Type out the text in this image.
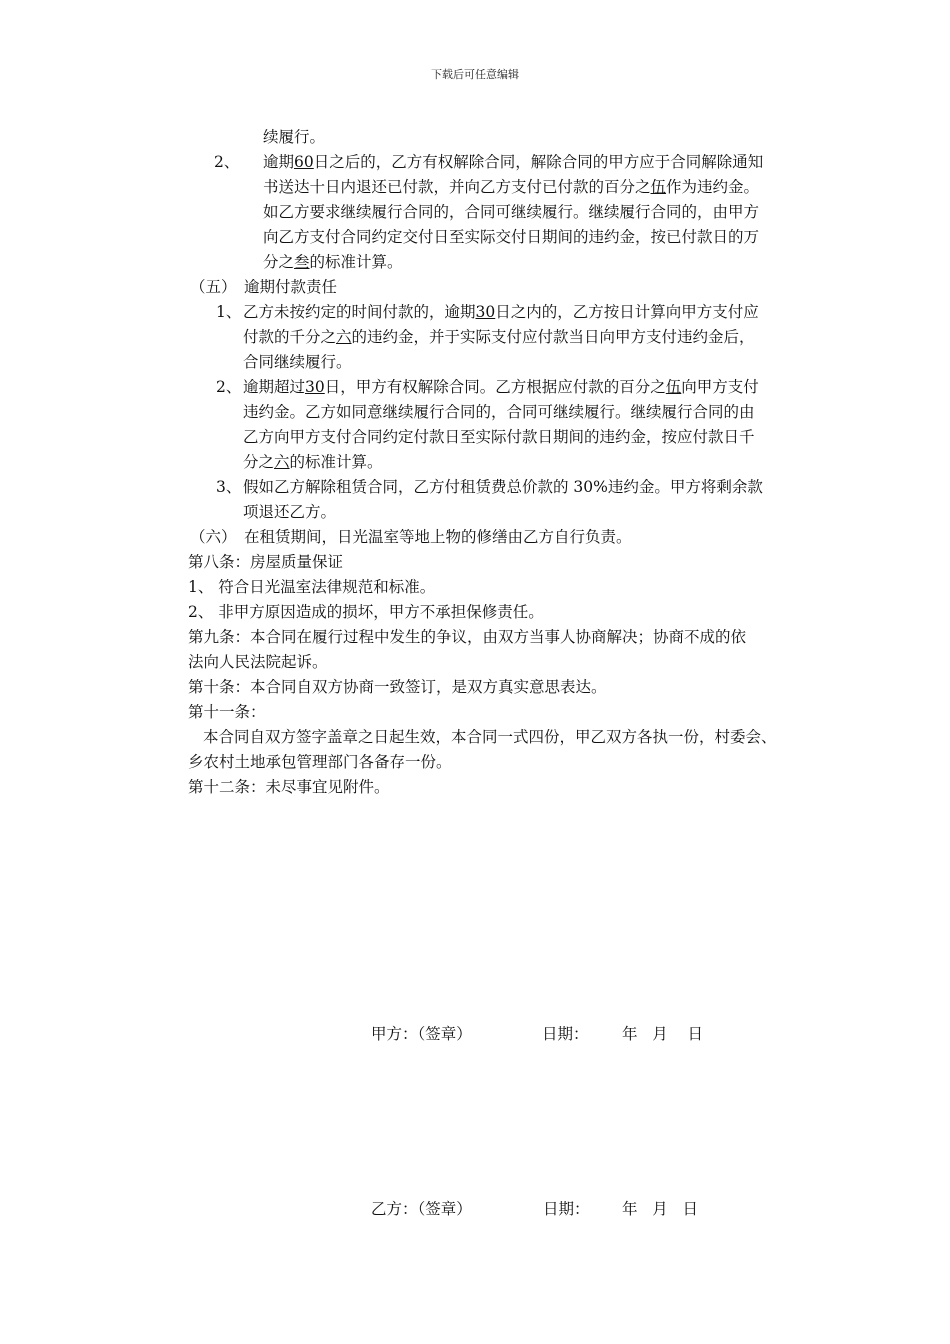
下载后可任意编辑
续履行。
2、 逾期60日之后的，乙方有权解除合同，解除合同的甲方应于合同解除通知
书送达十日内退还已付款，并向乙方支付已付款的百分之伍作为违约金。
如乙方要求继续履行合同的，合同可继续履行。继续履行合同的，由甲方
向乙方支付合同约定交付日至实际交付日期间的违约金，按已付款日的万
分之叁的标准计算。
（五） 逾期付款责任
1、 乙方未按约定的时间付款的，逾期30日之内的，乙方按日计算向甲方支付应
付款的千分之六的违约金，并于实际支付应付款当日向甲方支付违约金后，
合同继续履行。
2、 逾期超过30日，甲方有权解除合同。乙方根据应付款的百分之伍向甲方支付
违约金。乙方如同意继续履行合同的，合同可继续履行。继续履行合同的由
乙方向甲方支付合同约定付款日至实际付款日期间的违约金，按应付款日千
分之六的标准计算。
3、 假如乙方解除租赁合同，乙方付租赁费总价款的 30%违约金。甲方将剩余款
项退还乙方。
（六） 在租赁期间，日光温室等地上物的修缮由乙方自行负责。
第八条：房屋质量保证
1、 符合日光温室法律规范和标准。
2、 非甲方原因造成的损坏，甲方不承担保修责任。
第九条：本合同在履行过程中发生的争议，由双方当事人协商解决；协商不成的依
法向人民法院起诉。
第十条：本合同自双方协商一致签订，是双方真实意思表达。
第十一条：
本合同自双方签字盖章之日起生效，本合同一式四份，甲乙双方各执一份，村委会、
乡农村土地承包管理部门各备存一份。
第十二条：未尽事宜见附件。
甲方：（签章）	日期： 年   月    日
乙方：（签章）	日期： 年   月   日
